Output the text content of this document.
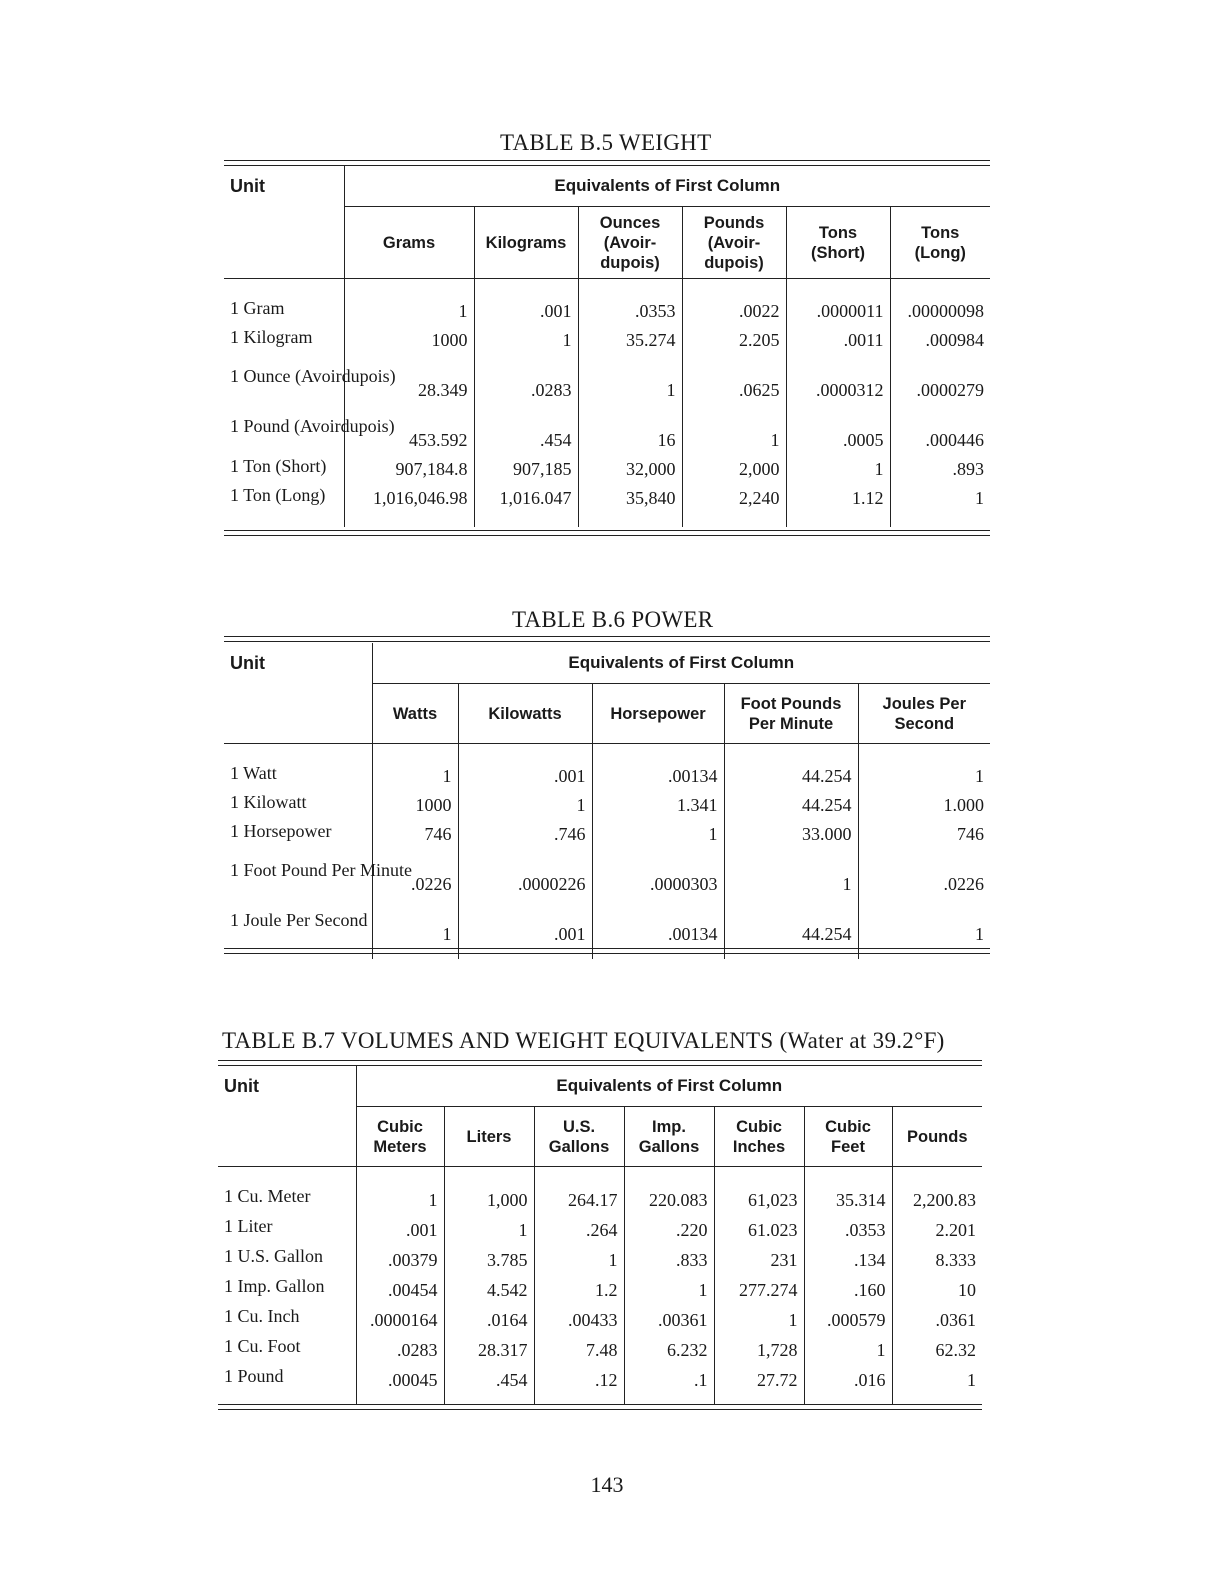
TABLE B.5 WEIGHT
Unit	Equivalents of First Column					
	Grams	Kilograms	Ounces (Avoir-dupois)	Pounds (Avoir-dupois)	Tons (Short)	Tons (Long)

1 Gram	1	.001	.0353	.0022	.0000011	.00000098
1 Kilogram	1000	1	35.274	2.205	.0011	.000984
1 Ounce (Avoirdupois)	28.349	.0283	1	.0625	.0000312	.0000279
1 Pound (Avoirdupois)	453.592	.454	16	1	.0005	.000446
1 Ton (Short)	907,184.8	907,185	32,000	2,000	1	.893
1 Ton (Long)	1,016,046.98	1,016.047	35,840	2,240	1.12	1

TABLE B.6 POWER
Unit	Equivalents of First Column				
	Watts	Kilowatts	Horsepower	Foot Pounds Per Minute	Joules Per Second

1 Watt	1	.001	.00134	44.254	1
1 Kilowatt	1000	1	1.341	44.254	1.000
1 Horsepower	746	.746	1	33.000	746
1 Foot Pound Per Minute	.0226	.0000226	.0000303	1	.0226
1 Joule Per Second	1	.001	.00134	44.254	1

TABLE B.7 VOLUMES AND WEIGHT EQUIVALENTS (Water at 39.2°F)
Unit	Equivalents of First Column						
	Cubic Meters	Liters	U.S. Gallons	Imp. Gallons	Cubic Inches	Cubic Feet	Pounds

1 Cu. Meter	1	1,000	264.17	220.083	61,023	35.314	2,200.83
1 Liter	.001	1	.264	.220	61.023	.0353	2.201
1 U.S. Gallon	.00379	3.785	1	.833	231	.134	8.333
1 Imp. Gallon	.00454	4.542	1.2	1	277.274	.160	10
1 Cu. Inch	.0000164	.0164	.00433	.00361	1	.000579	.0361
1 Cu. Foot	.0283	28.317	7.48	6.232	1,728	1	62.32
1 Pound	.00045	.454	.12	.1	27.72	.016	1

143
